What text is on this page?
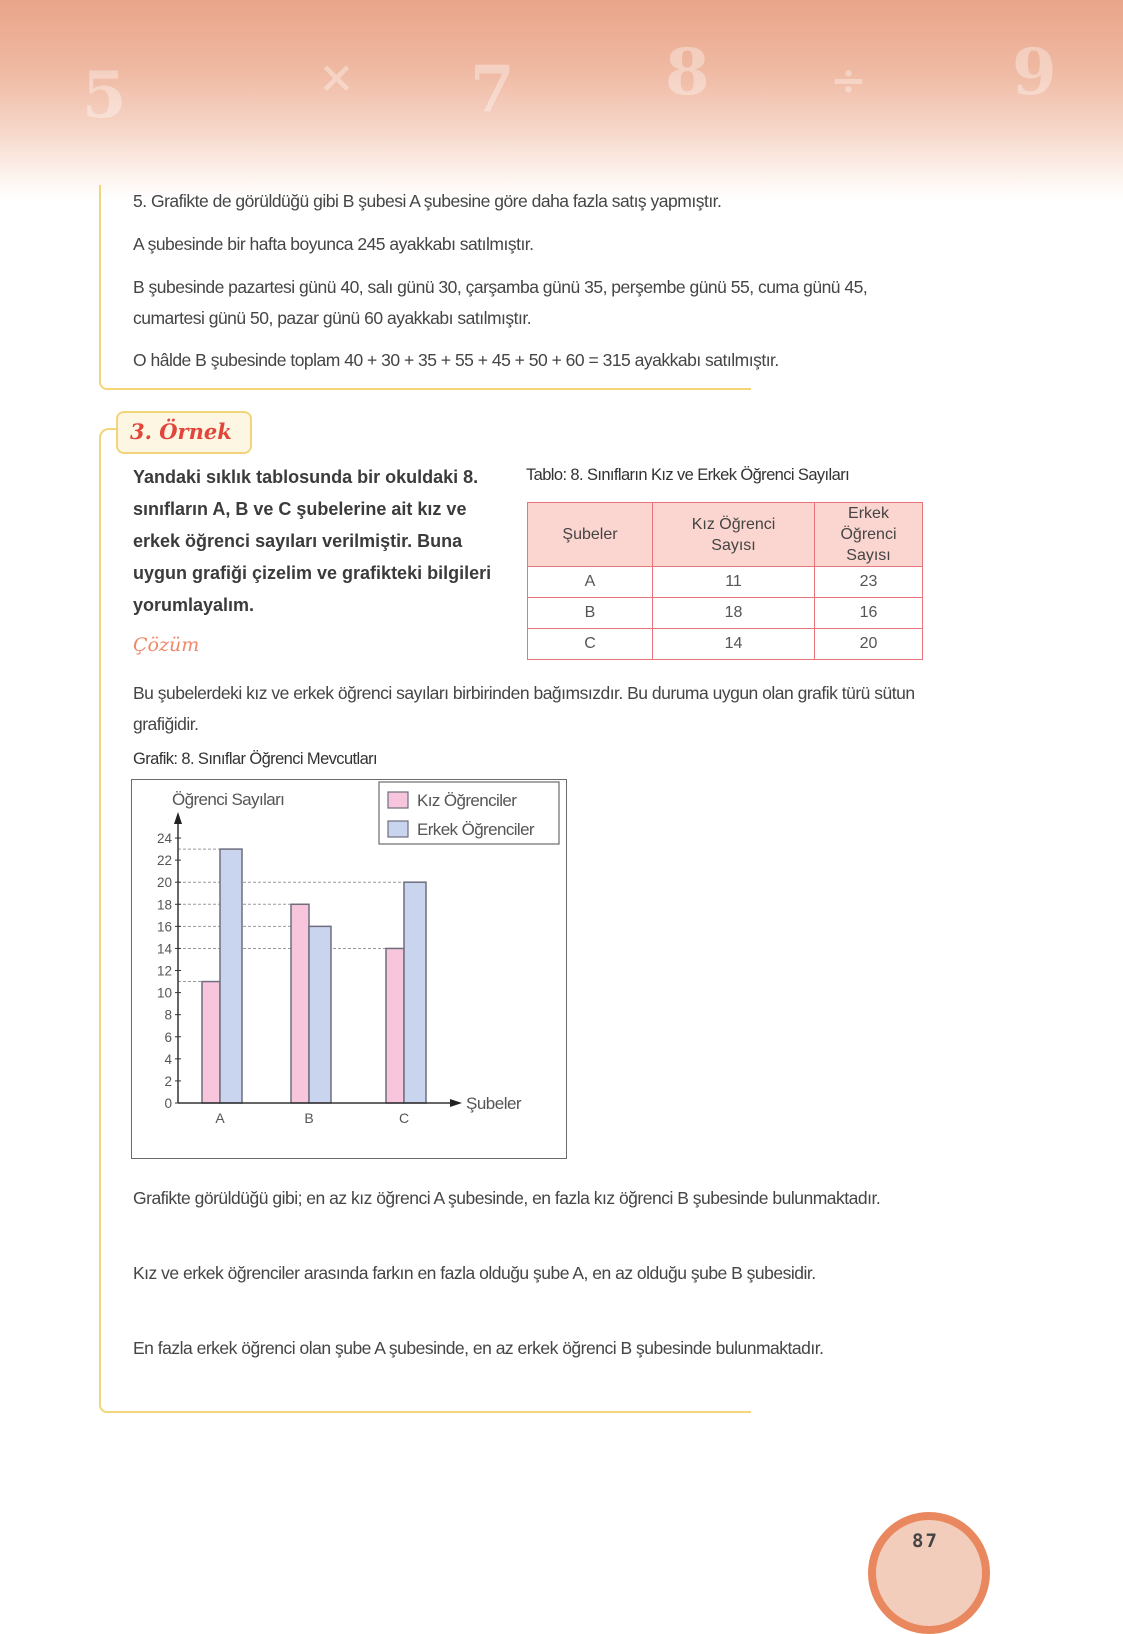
5	× 7 8	÷ 9

5. Grafikte de görüldüğü gibi B şubesi A şubesine göre daha fazla satış yapmıştır.

A şubesinde bir hafta boyunca 245 ayakkabı satılmıştır.

B şubesinde pazartesi günü 40, salı günü 30, çarşamba günü 35, perşembe günü 55, cuma günü 45, cumartesi günü 50, pazar günü 60 ayakkabı satılmıştır.

O hâlde B şubesinde toplam 40 + 30 + 35 + 55 + 45 + 50 + 60 = 315 ayakkabı satılmıştır.

3. Örnek

Yandaki sıklık tablosunda bir okuldaki 8. sınıfların A, B ve C şubelerine ait kız ve erkek öğrenci sayıları verilmiştir. Buna uygun grafiği çizelim ve grafikteki bilgileri yorumlayalım.

Tablo: 8. Sınıfların Kız ve Erkek Öğrenci Sayıları
Şubeler	Kız Öğrenci Sayısı	Erkek Öğrenci Sayısı
A	11	23
B	18	16
C	14	20
Çözüm

Bu şubelerdeki kız ve erkek öğrenci sayıları birbirinden bağımsızdır. Bu duruma uygun olan grafik türü sütun grafiğidir.

Grafik: 8. Sınıflar Öğrenci Mevcutları
A	B	C
Şubeler
0
2
4
6
8
10
12
14
16
18
20
22
24
Öğrenci Sayıları	Kız Öğrenciler
Erkek Öğrenciler

Grafikte görüldüğü gibi; en az kız öğrenci A şubesinde, en fazla kız öğrenci B şubesinde bulunmaktadır.

Kız ve erkek öğrenciler arasında farkın en fazla olduğu şube A, en az olduğu şube B şubesidir.

En fazla erkek öğrenci olan şube A şubesinde, en az erkek öğrenci B şubesinde bulunmaktadır.

87
